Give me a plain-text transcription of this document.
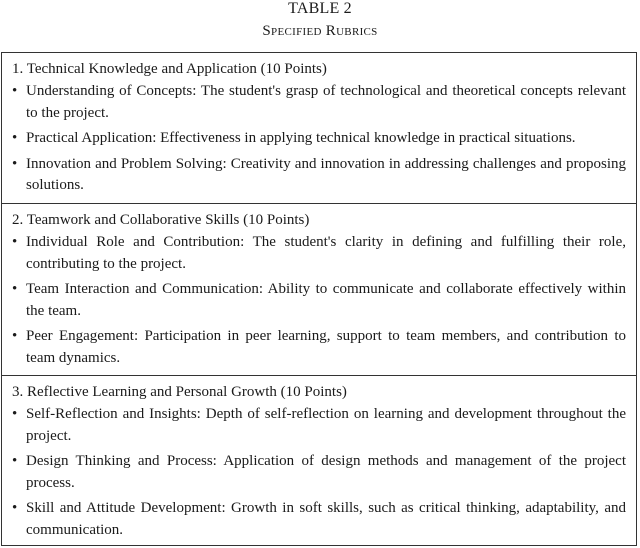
TABLE 2
Specified Rubrics
1. Technical Knowledge and Application (10 Points)
• Understanding of Concepts: The student's grasp of technological and theoretical concepts relevant to the project.
• Practical Application: Effectiveness in applying technical knowledge in practical situations.
• Innovation and Problem Solving: Creativity and innovation in addressing challenges and proposing solutions.
2. Teamwork and Collaborative Skills (10 Points)
• Individual Role and Contribution: The student's clarity in defining and fulfilling their role, contributing to the project.
• Team Interaction and Communication: Ability to communicate and collaborate effectively within the team.
• Peer Engagement: Participation in peer learning, support to team members, and contribution to team dynamics.
3. Reflective Learning and Personal Growth (10 Points)
• Self-Reflection and Insights: Depth of self-reflection on learning and development throughout the project.
• Design Thinking and Process: Application of design methods and management of the project process.
• Skill and Attitude Development: Growth in soft skills, such as critical thinking, adaptability, and communication.
